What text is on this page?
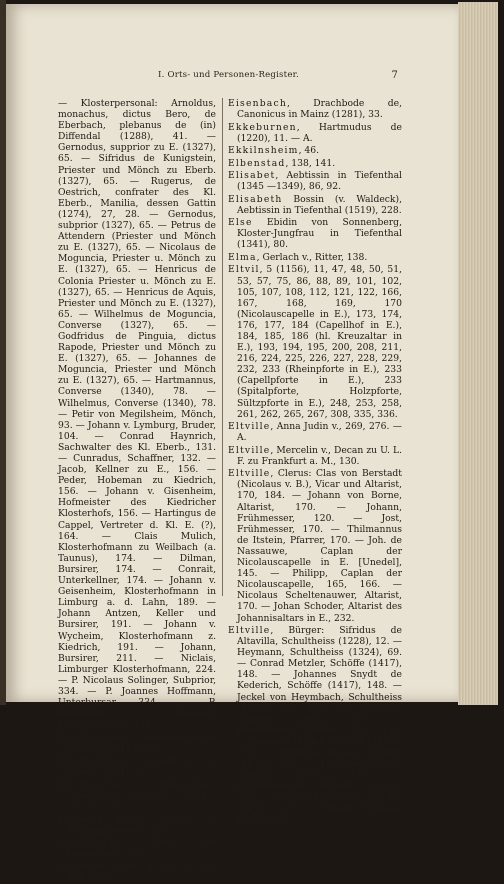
I. Orts- und Personen-Register.	7
— Klosterpersonal: Arnoldus, monachus, dictus Bero, de Eberbach, plebanus de (in) Diffendal (1288), 41. — Gernodus, supprior zu E. (1327), 65. — Sifridus de Kunigstein, Priester und Mönch zu Eberb. (1327), 65. — Rugerus, de Oestrich, confrater des Kl. Eberb., Manilia, dessen Gattin (1274), 27, 28. — Gernodus, subprior (1327), 65. — Petrus de Attendern (Priester und Mönch zu E. (1327), 65. — Nicolaus de Moguncia, Priester u. Mönch zu E. (1327), 65. — Henricus de Colonia Priester u. Mönch zu E. (1327), 65. — Henricus de Aquis, Priester und Mönch zu E. (1327), 65. — Wilhelmus de Moguncia, Converse (1327), 65. — Godfridus de Pinguia, dictus Rapode, Priester und Mönch zu E. (1327), 65. — Johannes de Moguncia, Priester und Mönch zu E. (1327), 65. — Hartmannus, Converse (1340), 78. — Wilhelmus, Converse (1340), 78. — Petir von Megilsheim, Mönch, 93. — Johann v. Lymburg, Bruder, 104. — Conrad Haynrich, Sachwalter des Kl. Eberb., 131. — Cunradus, Schaffner, 132. — Jacob, Kellner zu E., 156. — Peder, Hobeman zu Kiedrich, 156. — Johann v. Gisenheim, Hofmeister des Kiedricher Klosterhofs, 156. — Hartingus de Cappel, Vertreter d. Kl. E. (?), 164. — Clais Mulich, Klosterhofmann zu Weilbach (a. Taunus), 174. — Dilman, Bursirer, 174. — Conrait, Unterkellner, 174. — Johann v. Geisenheim, Klosterhofmann in Limburg a. d. Lahn, 189. — Johann Antzen, Keller und Bursirer, 191. — Johann v. Wycheim, Klosterhofmann z. Kiedrich, 191. — Johann, Bursirer, 211. — Niclais, Limburger Klosterhofmann, 224. — P. Nicolaus Solinger, Subprior, 334. — P. Joannes Hoffmann, Unterbursar, 334. — P. Benedictus Wigandt, Küchenmeister, 334.
Eberhardus, Babenbergensis episcopus (1158), 6.
Eberhardus, scolasticus in Mainz (1281), 33.
Eberhardus (Everardus), camerarius Mogunt. (1274—78), 25, 30.
Eckardt, Hanns, Schöffe zu Asmannshausen, 320.
Egelsbach, (Dorf bei Darmstadt), 138.
Eibingen (Dorf), 1, (1071) 125, 221, 299.
Eisenbach, Drachbode de, Canonicus in Mainz (1281), 33.
Ekkeburnen, Hartmudus de (1220), 11. — A.
Ekkilnsheim, 46.
Elbenstad, 138, 141.
Elisabet, Aebtissin in Tiefenthal (1345 —1349), 86, 92.
Elisabeth Bossin (v. Waldeck), Aebtissin in Tiefenthal (1519), 228.
Else Ebidin von Sonnenberg, Kloster-Jungfrau in Tiefenthal (1341), 80.
Elma, Gerlach v., Ritter, 138.
Eltvil, 5 (1156), 11, 47, 48, 50, 51, 53, 57, 75, 86, 88, 89, 101, 102, 105, 107, 108, 112, 121, 122, 166, 167, 168, 169, 170 (Nicolauscapelle in E.), 173, 174, 176, 177, 184 (Capellhof in E.), 184, 185, 186 (hl. Kreuzaltar in E.), 193, 194, 195, 200, 208, 211, 216, 224, 225, 226, 227, 228, 229, 232, 233 (Rheinpforte in E.), 233 (Capellpforte in E.), 233 (Spitalpforte, Holzpforte, Sültzpforte in E.), 248, 253, 258, 261, 262, 265, 267, 308, 335, 336.
Eltville, Anna Judin v., 269, 276. — A.
Eltville, Mercelin v., Decan zu U. L. F. zu Frankfurt a. M., 130.
Eltville, Clerus: Clas von Berstadt (Nicolaus v. B.), Vicar und Altarist, 170, 184. — Johann von Borne, Altarist, 170. — Johann, Frühmesser, 120. — Jost, Frühmesser, 170. — Thilmannus de Itstein, Pfarrer, 170. — Joh. de Nassauwe, Caplan der Nicolauscapelle in E. [Unedel], 145. — Philipp, Caplan der Nicolauscapelle, 165, 166. — Nicolaus Scheltenauwer, Altarist, 170. — Johan Schoder, Altarist des Johannisaltars in E., 232.
Eltville, Bürger: Sifridus de Altavilla, Schultheiss (1228), 12. — Heymann, Schultheiss (1324), 69. — Conrad Metzler, Schöffe (1417), 148. — Johannes Snydt de Kederich, Schöffe (1417), 148. — Jeckel von Heymbach, Schultheiss (1433), 170. Petir von Berstad, Schöffe (1433), 170. — Frunthenne, Schöffe (1433), 170. — Conrad Metzler, Schöffe (1433), 170. — Syfridus Henne, Schöffe (1433), 170. — Hamman Goisel, Schöffe (1433), 170. — Engelcheintze, Schöffe (1433), 170. — Henchin Hoenberg, Schöffe (1433), 170. — Henne Nurode, Rathsherr
